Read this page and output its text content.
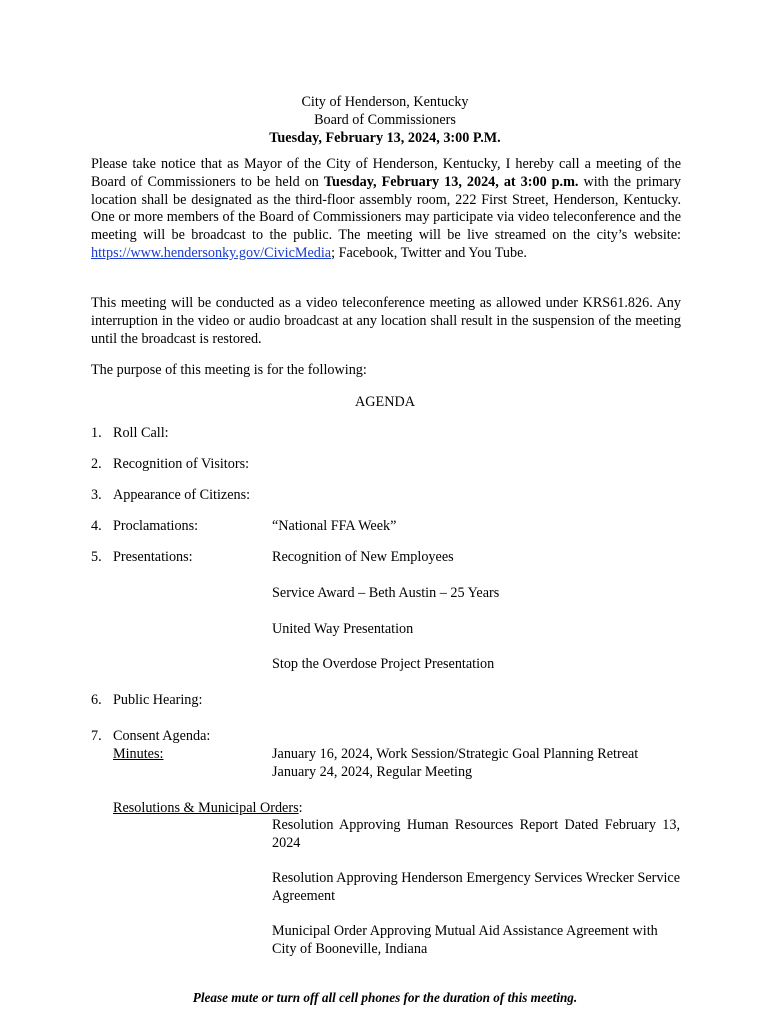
City of Henderson, Kentucky
Board of Commissioners
Tuesday, February 13, 2024, 3:00 P.M.
Please take notice that as Mayor of the City of Henderson, Kentucky, I hereby call a meeting of the Board of Commissioners to be held on Tuesday, February 13, 2024, at 3:00 p.m. with the primary location shall be designated as the third-floor assembly room, 222 First Street, Henderson, Kentucky. One or more members of the Board of Commissioners may participate via video teleconference and the meeting will be broadcast to the public. The meeting will be live streamed on the city’s website: https://www.hendersonky.gov/CivicMedia; Facebook, Twitter and You Tube.
This meeting will be conducted as a video teleconference meeting as allowed under KRS61.826. Any interruption in the video or audio broadcast at any location shall result in the suspension of the meeting until the broadcast is restored.
The purpose of this meeting is for the following:
AGENDA
1. Roll Call:
2. Recognition of Visitors:
3. Appearance of Citizens:
4. Proclamations:	“National FFA Week”
5. Presentations:	Recognition of New Employees
Service Award – Beth Austin – 25 Years
United Way Presentation
Stop the Overdose Project Presentation
6. Public Hearing:
7. Consent Agenda:
Minutes:	January 16, 2024, Work Session/Strategic Goal Planning Retreat
January 24, 2024, Regular Meeting
Resolutions & Municipal Orders:
Resolution Approving Human Resources Report Dated February 13, 2024
Resolution Approving Henderson Emergency Services Wrecker Service Agreement
Municipal Order Approving Mutual Aid Assistance Agreement with City of Booneville, Indiana
Please mute or turn off all cell phones for the duration of this meeting.
